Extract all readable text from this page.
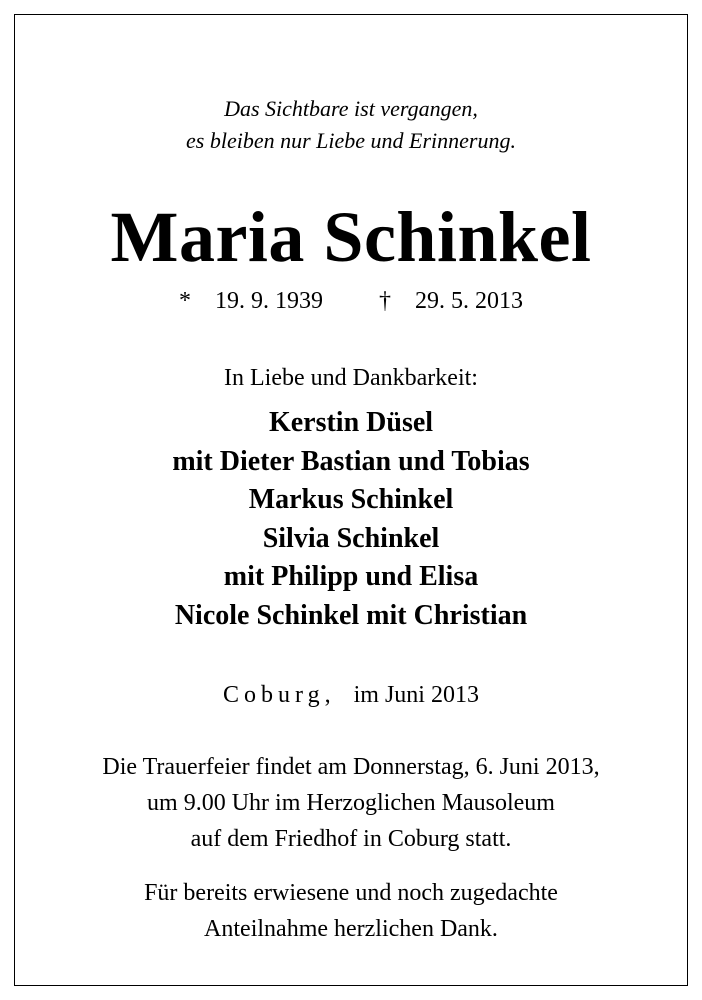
Das Sichtbare ist vergangen,
es bleiben nur Liebe und Erinnerung.
Maria Schinkel
* 19. 9. 1939 † 29. 5. 2013
In Liebe und Dankbarkeit:
Kerstin Düsel
mit Dieter Bastian und Tobias
Markus Schinkel
Silvia Schinkel
mit Philipp und Elisa
Nicole Schinkel mit Christian
Coburg, im Juni 2013
Die Trauerfeier findet am Donnerstag, 6. Juni 2013,
um 9.00 Uhr im Herzoglichen Mausoleum
auf dem Friedhof in Coburg statt.
Für bereits erwiesene und noch zugedachte
Anteilnahme herzlichen Dank.
